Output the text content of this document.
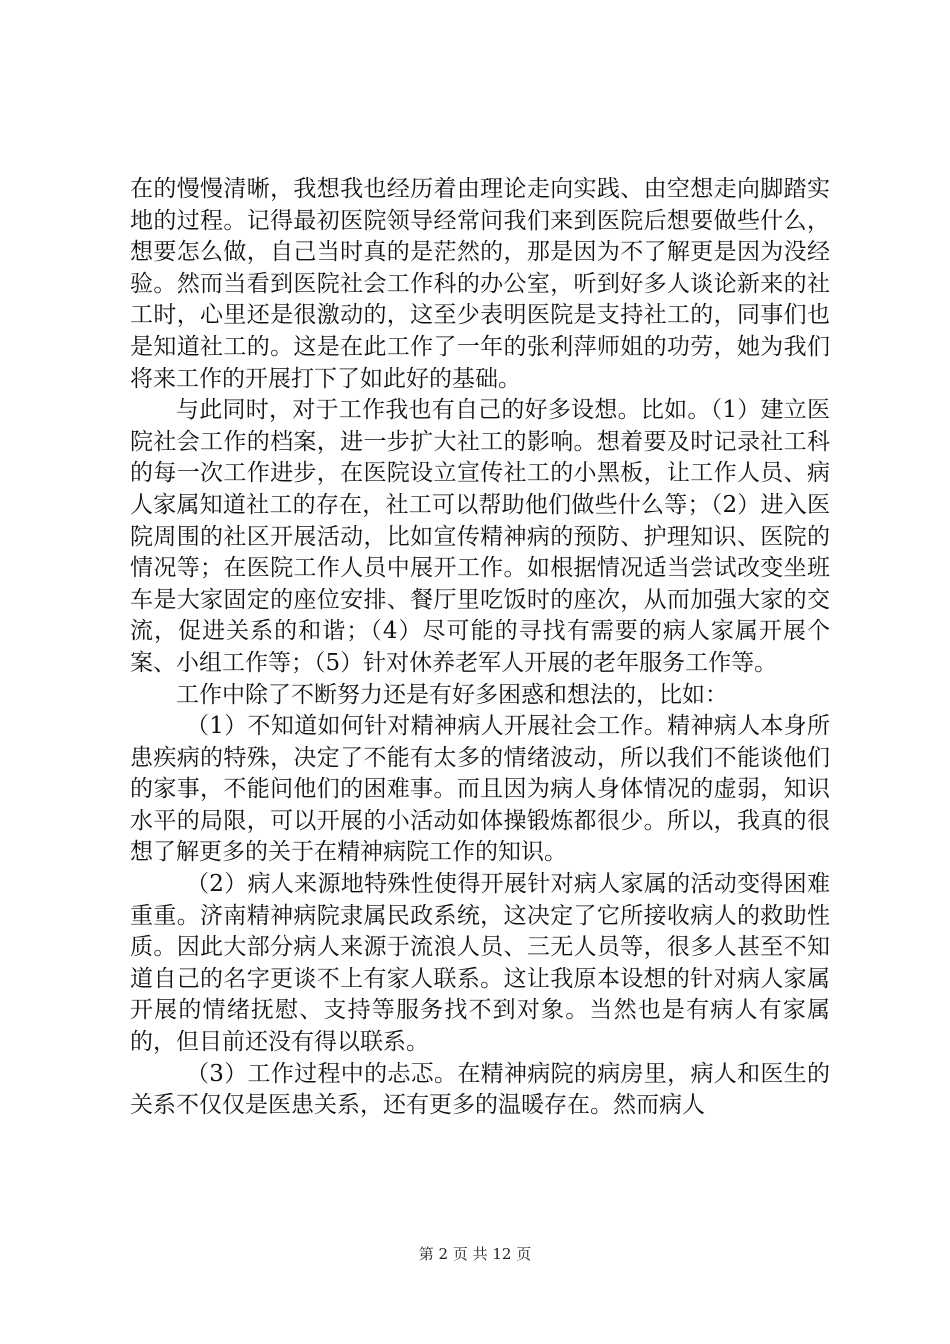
在的慢慢清晰，我想我也经历着由理论走向实践、由空想走向脚踏实地的过程。记得最初医院领导经常问我们来到医院后想要做些什么，想要怎么做，自己当时真的是茫然的，那是因为不了解更是因为没经验。然而当看到医院社会工作科的办公室，听到好多人谈论新来的社工时，心里还是很激动的，这至少表明医院是支持社工的，同事们也是知道社工的。这是在此工作了一年的张利萍师姐的功劳，她为我们将来工作的开展打下了如此好的基础。

与此同时，对于工作我也有自己的好多设想。比如。（1）建立医院社会工作的档案，进一步扩大社工的影响。想着要及时记录社工科的每一次工作进步，在医院设立宣传社工的小黑板，让工作人员、病人家属知道社工的存在，社工可以帮助他们做些什么等；（2）进入医院周围的社区开展活动，比如宣传精神病的预防、护理知识、医院的情况等；在医院工作人员中展开工作。如根据情况适当尝试改变坐班车是大家固定的座位安排、餐厅里吃饭时的座次，从而加强大家的交流，促进关系的和谐；（4）尽可能的寻找有需要的病人家属开展个案、小组工作等；（5）针对休养老军人开展的老年服务工作等。

工作中除了不断努力还是有好多困惑和想法的，比如：

（1）不知道如何针对精神病人开展社会工作。精神病人本身所患疾病的特殊，决定了不能有太多的情绪波动，所以我们不能谈他们的家事，不能问他们的困难事。而且因为病人身体情况的虚弱，知识水平的局限，可以开展的小活动如体操锻炼都很少。所以，我真的很想了解更多的关于在精神病院工作的知识。

（2）病人来源地特殊性使得开展针对病人家属的活动变得困难重重。济南精神病院隶属民政系统，这决定了它所接收病人的救助性质。因此大部分病人来源于流浪人员、三无人员等，很多人甚至不知道自己的名字更谈不上有家人联系。这让我原本设想的针对病人家属开展的情绪抚慰、支持等服务找不到对象。当然也是有病人有家属的，但目前还没有得以联系。

（3）工作过程中的忐忑。在精神病院的病房里，病人和医生的关系不仅仅是医患关系，还有更多的温暖存在。然而病人

第 2 页 共 12 页
